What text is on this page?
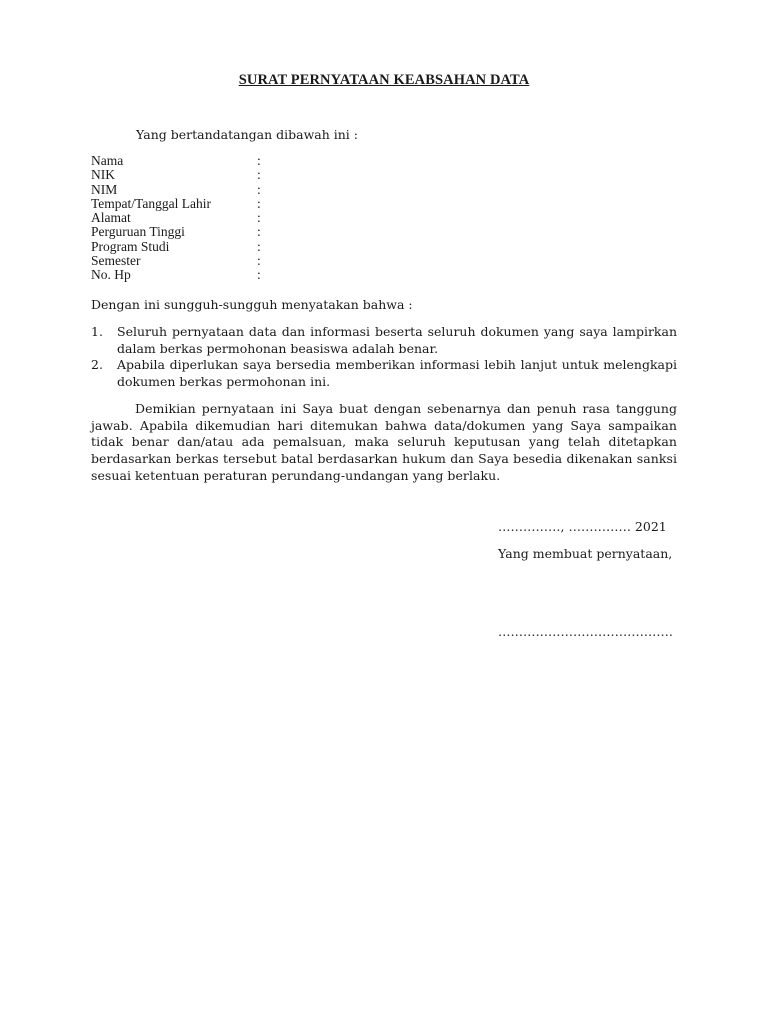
SURAT PERNYATAAN KEABSAHAN DATA
Yang bertandatangan dibawah ini :
Nama	:
NIK	:
NIM	:
Tempat/Tanggal Lahir	:
Alamat	:
Perguruan Tinggi	:
Program Studi	:
Semester	:
No. Hp	:
Dengan ini sungguh-sungguh menyatakan bahwa :
1. Seluruh pernyataan data dan informasi beserta seluruh dokumen yang saya lampirkan dalam berkas permohonan beasiswa adalah benar.
2. Apabila diperlukan saya bersedia memberikan informasi lebih lanjut untuk melengkapi dokumen berkas permohonan ini.
Demikian pernyataan ini Saya buat dengan sebenarnya dan penuh rasa tanggung jawab. Apabila dikemudian hari ditemukan bahwa data/dokumen yang Saya sampaikan tidak benar dan/atau ada pemalsuan, maka seluruh keputusan yang telah ditetapkan berdasarkan berkas tersebut batal berdasarkan hukum dan Saya besedia dikenakan sanksi sesuai ketentuan peraturan perundang-undangan yang berlaku.
……………, …………… 2021
Yang membuat pernyataan,
……………………………………
